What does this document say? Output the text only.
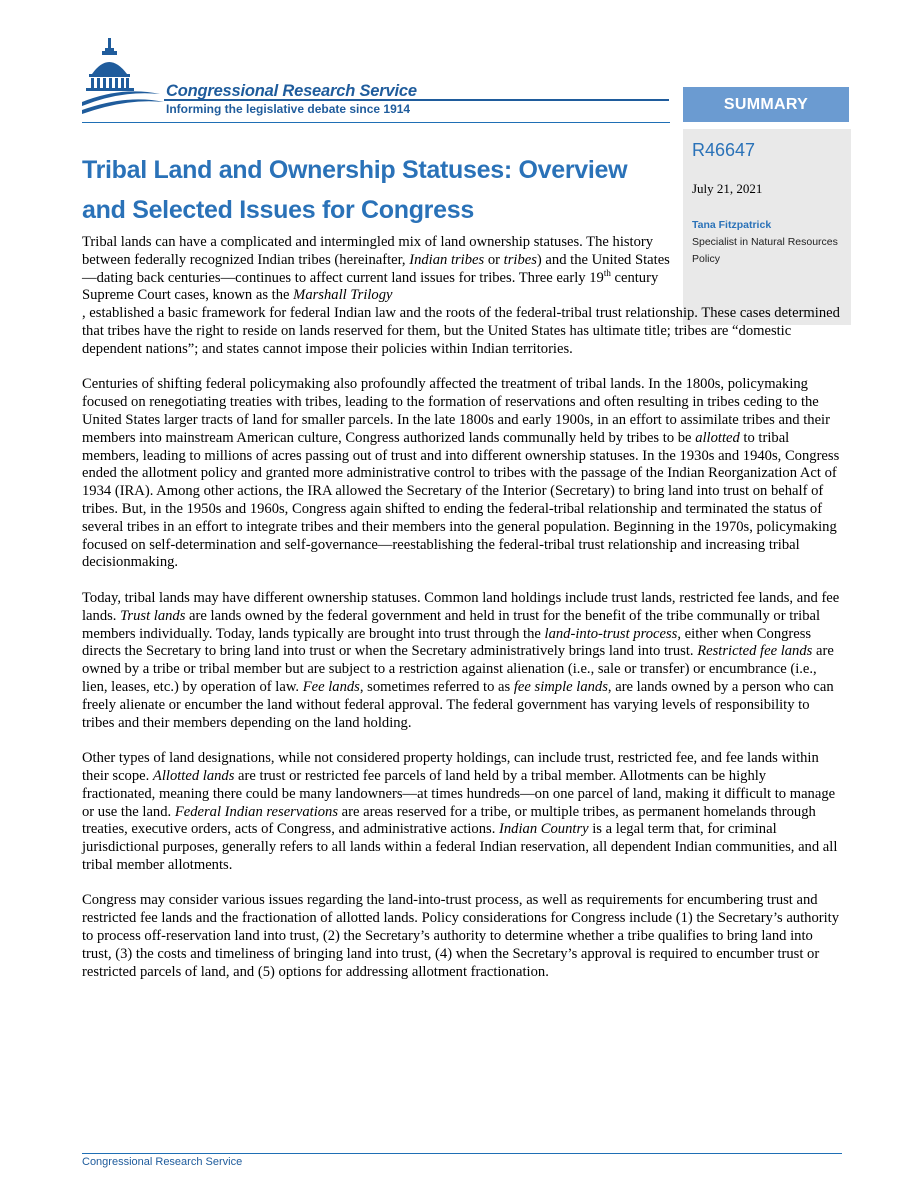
Congressional Research Service
Informing the legislative debate since 1914	SUMMARY
R46647
July 21, 2021
Tana Fitzpatrick
Specialist in Natural Resources Policy
Tribal Land and Ownership Statuses: Overview and Selected Issues for Congress

Tribal lands can have a complicated and intermingled mix of land ownership statuses. The history between federally recognized Indian tribes (hereinafter, Indian tribes or tribes) and the United States—dating back centuries—continues to affect current land issues for tribes. Three early 19th century Supreme Court cases, known as the Marshall Trilogy
, established a basic framework for federal Indian law and the roots of the federal-tribal trust relationship. These cases determined that tribes have the right to reside on lands reserved for them, but the United States has ultimate title; tribes are “domestic dependent nations”; and states cannot impose their policies within Indian territories.

Centuries of shifting federal policymaking also profoundly affected the treatment of tribal lands. In the 1800s, policymaking focused on renegotiating treaties with tribes, leading to the formation of reservations and often resulting in tribes ceding to the United States larger tracts of land for smaller parcels. In the late 1800s and early 1900s, in an effort to assimilate tribes and their members into mainstream American culture, Congress authorized lands communally held by tribes to be allotted to tribal members, leading to millions of acres passing out of trust and into different ownership statuses. In the 1930s and 1940s, Congress ended the allotment policy and granted more administrative control to tribes with the passage of the Indian Reorganization Act of 1934 (IRA). Among other actions, the IRA allowed the Secretary of the Interior (Secretary) to bring land into trust on behalf of tribes. But, in the 1950s and 1960s, Congress again shifted to ending the federal-tribal relationship and terminated the status of several tribes in an effort to integrate tribes and their members into the general population. Beginning in the 1970s, policymaking focused on self-determination and self-governance—reestablishing the federal-tribal trust relationship and increasing tribal decisionmaking.

Today, tribal lands may have different ownership statuses. Common land holdings include trust lands, restricted fee lands, and fee lands. Trust lands are lands owned by the federal government and held in trust for the benefit of the tribe communally or tribal members individually. Today, lands typically are brought into trust through the land-into-trust process, either when Congress directs the Secretary to bring land into trust or when the Secretary administratively brings land into trust. Restricted fee lands are owned by a tribe or tribal member but are subject to a restriction against alienation (i.e., sale or transfer) or encumbrance (i.e., lien, leases, etc.) by operation of law. Fee lands, sometimes referred to as fee simple lands, are lands owned by a person who can freely alienate or encumber the land without federal approval. The federal government has varying levels of responsibility to tribes and their members depending on the land holding.

Other types of land designations, while not considered property holdings, can include trust, restricted fee, and fee lands within their scope. Allotted lands are trust or restricted fee parcels of land held by a tribal member. Allotments can be highly fractionated, meaning there could be many landowners—at times hundreds—on one parcel of land, making it difficult to manage or use the land. Federal Indian reservations are areas reserved for a tribe, or multiple tribes, as permanent homelands through treaties, executive orders, acts of Congress, and administrative actions. Indian Country is a legal term that, for criminal jurisdictional purposes, generally refers to all lands within a federal Indian reservation, all dependent Indian communities, and all tribal member allotments.

Congress may consider various issues regarding the land-into-trust process, as well as requirements for encumbering trust and restricted fee lands and the fractionation of allotted lands. Policy considerations for Congress include (1) the Secretary’s authority to process off-reservation land into trust, (2) the Secretary’s authority to determine whether a tribe qualifies to bring land into trust, (3) the costs and timeliness of bringing land into trust, (4) when the Secretary’s approval is required to encumber trust or restricted parcels of land, and (5) options for addressing allotment fractionation.

Congressional Research Service
